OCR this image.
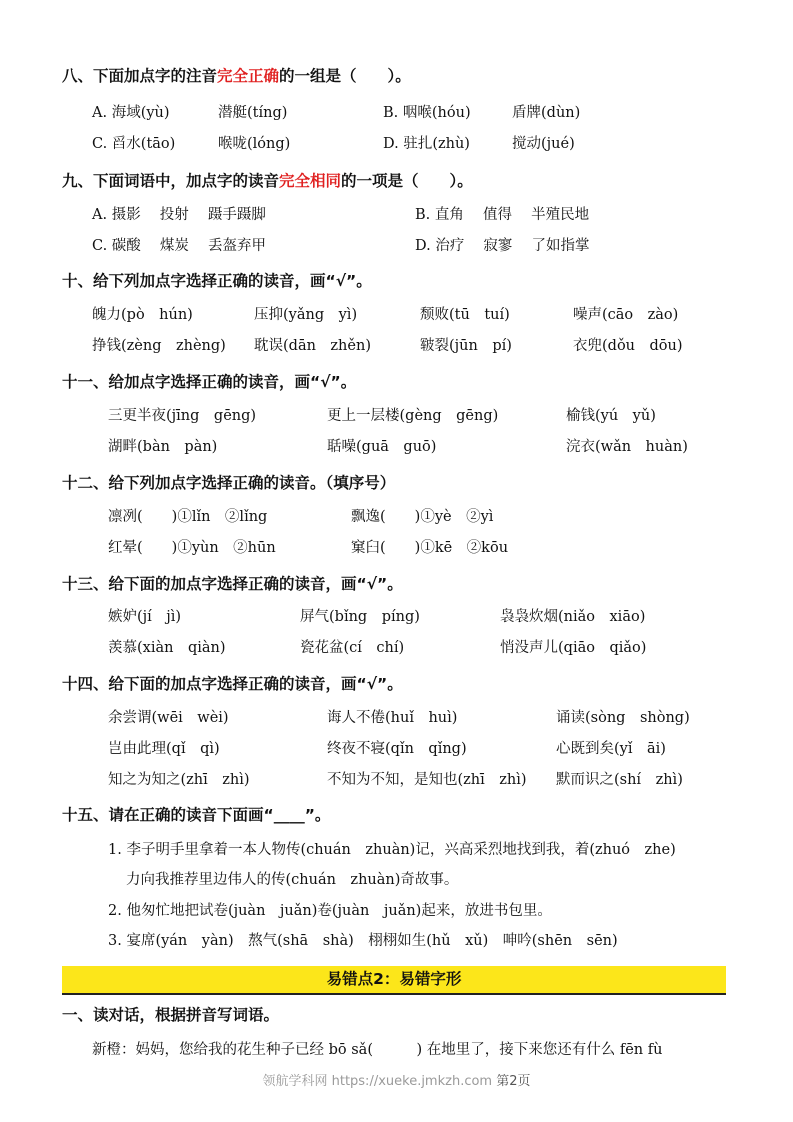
八、下面加点字的注音完全正确的一组是（　　）。
A. 海域(yù)	潜艇(tíng)	B. 咽喉(hóu)	盾牌(dùn)
C. 舀水(tāo)	喉咙(lóng)	D. 驻扎(zhù)	搅动(jué)
九、下面词语中，加点字的读音完全相同的一项是（　　）。
A. 摄影　 投射　 蹑手蹑脚	B. 直角　 值得　 半殖民地
C. 碳酸　 煤炭　 丢盔弃甲	D. 治疗　 寂寥　 了如指掌
十、给下列加点字选择正确的读音，画“√”。
魄力(pò　hún)	压抑(yǎng　yì)	颓败(tū　tuí)	噪声(cāo　zào)
挣钱(zèng　zhèng) 耽误(dān　zhěn)	皲裂(jūn　pí)	衣兜(dǒu　dōu)
十一、给加点字选择正确的读音，画“√”。
三更半夜(jīng　gēng)	更上一层楼(gèng　gēng)	榆钱(yú　yǔ)
湖畔(bàn　pàn)	聒噪(guā　guō)	浣衣(wǎn　huàn)
十二、给下列加点字选择正确的读音。（填序号）
凛冽(　　)①lǐn　②lǐng	飘逸(　　)①yè　②yì
红晕(　　)①yùn　②hūn	窠臼(　　)①kē　②kōu
十三、给下面的加点字选择正确的读音，画“√”。
嫉妒(jí　jì)	屏气(bǐng　píng)	袅袅炊烟(niǎo　xiāo)
羡慕(xiàn　qiàn)	瓷花盆(cí　chí)	悄没声儿(qiāo　qiǎo)
十四、给下面的加点字选择正确的读音，画“√”。
余尝谓(wēi　wèi)	诲人不倦(huǐ　huì)	诵读(sòng　shòng)
岂由此理(qǐ　qì)	终夜不寝(qǐn　qǐng)	心既到矣(yǐ　āi)
知之为知之(zhī　zhì)	不知为不知，是知也(zhī　zhì) 默而识之(shí　zhì)
十五、请在正确的读音下面画“____”。
1. 李子明手里拿着一本人物传(chuán　zhuàn)记，兴高采烈地找到我，着(zhuó　zhe)
力向我推荐里边伟人的传(chuán　zhuàn)奇故事。
2. 他匆忙地把试卷(juàn　juǎn)卷(juàn　juǎn)起来，放进书包里。
3. 宴席(yán　yàn)　熬气(shā　shà)　栩栩如生(hǔ　xǔ)　呻吟(shēn　sēn)
易错点2：易错字形
一、读对话，根据拼音写词语。
新橙：妈妈，您给我的花生种子已经 bō sǎ(　　　) 在地里了，接下来您还有什么 fēn fù
领航学科网 https://xueke.jmkzh.com 第2页
